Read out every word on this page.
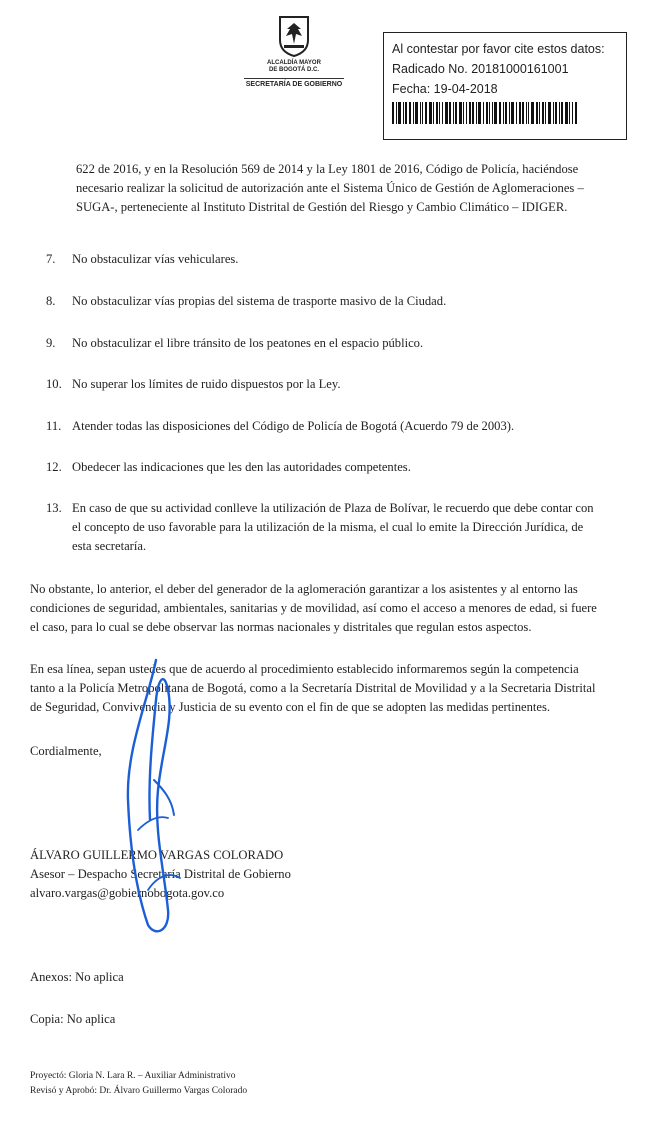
ALCALDÍA MAYOR
DE BOGOTÁ D.C.
SECRETARÍA DE GOBIERNO
Al contestar por favor cite estos datos:
Radicado No. 20181000161001
Fecha: 19-04-2018
622 de 2016, y en la Resolución 569 de 2014 y la Ley 1801 de 2016, Código de Policía, haciéndose
necesario realizar la solicitud de autorización ante el Sistema Único de Gestión de Aglomeraciones –
SUGA-, perteneciente al Instituto Distrital de Gestión del Riesgo y Cambio Climático – IDIGER.
7.	No obstaculizar vías vehiculares.
8.	No obstaculizar vías propias del sistema de trasporte masivo de la Ciudad.
9.	No obstaculizar el libre tránsito de los peatones en el espacio público.
10. No superar los límites de ruido dispuestos por la Ley.
11. Atender todas las disposiciones del Código de Policía de Bogotá (Acuerdo 79 de 2003).
12. Obedecer las indicaciones que les den las autoridades competentes.
13. En caso de que su actividad conlleve la utilización de Plaza de Bolívar, le recuerdo que debe contar con
el concepto de uso favorable para la utilización de la misma, el cual lo emite la Dirección Jurídica, de
esta secretaría.
No obstante, lo anterior, el deber del generador de la aglomeración garantizar a los asistentes y al entorno las
condiciones de seguridad, ambientales, sanitarias y de movilidad, así como el acceso a menores de edad, si fuere
el caso, para lo cual se debe observar las normas nacionales y distritales que regulan estos aspectos.
En esa línea, sepan ustedes que de acuerdo al procedimiento establecido informaremos según la competencia
tanto a la Policía Metropolitana de Bogotá, como a la Secretaría Distrital de Movilidad y a la Secretaria Distrital
de Seguridad, Convivencia y Justicia de su evento con el fin de que se adopten las medidas pertinentes.
Cordialmente,
ÁLVARO GUILLERMO VARGAS COLORADO
Asesor – Despacho Secretaría Distrital de Gobierno
alvaro.vargas@gobiernobogota.gov.co
Anexos: No aplica
Copia: No aplica
Proyectó: Gloria N. Lara R. – Auxiliar Administrativo
Revisó y Aprobó: Dr. Álvaro Guillermo Vargas Colorado
